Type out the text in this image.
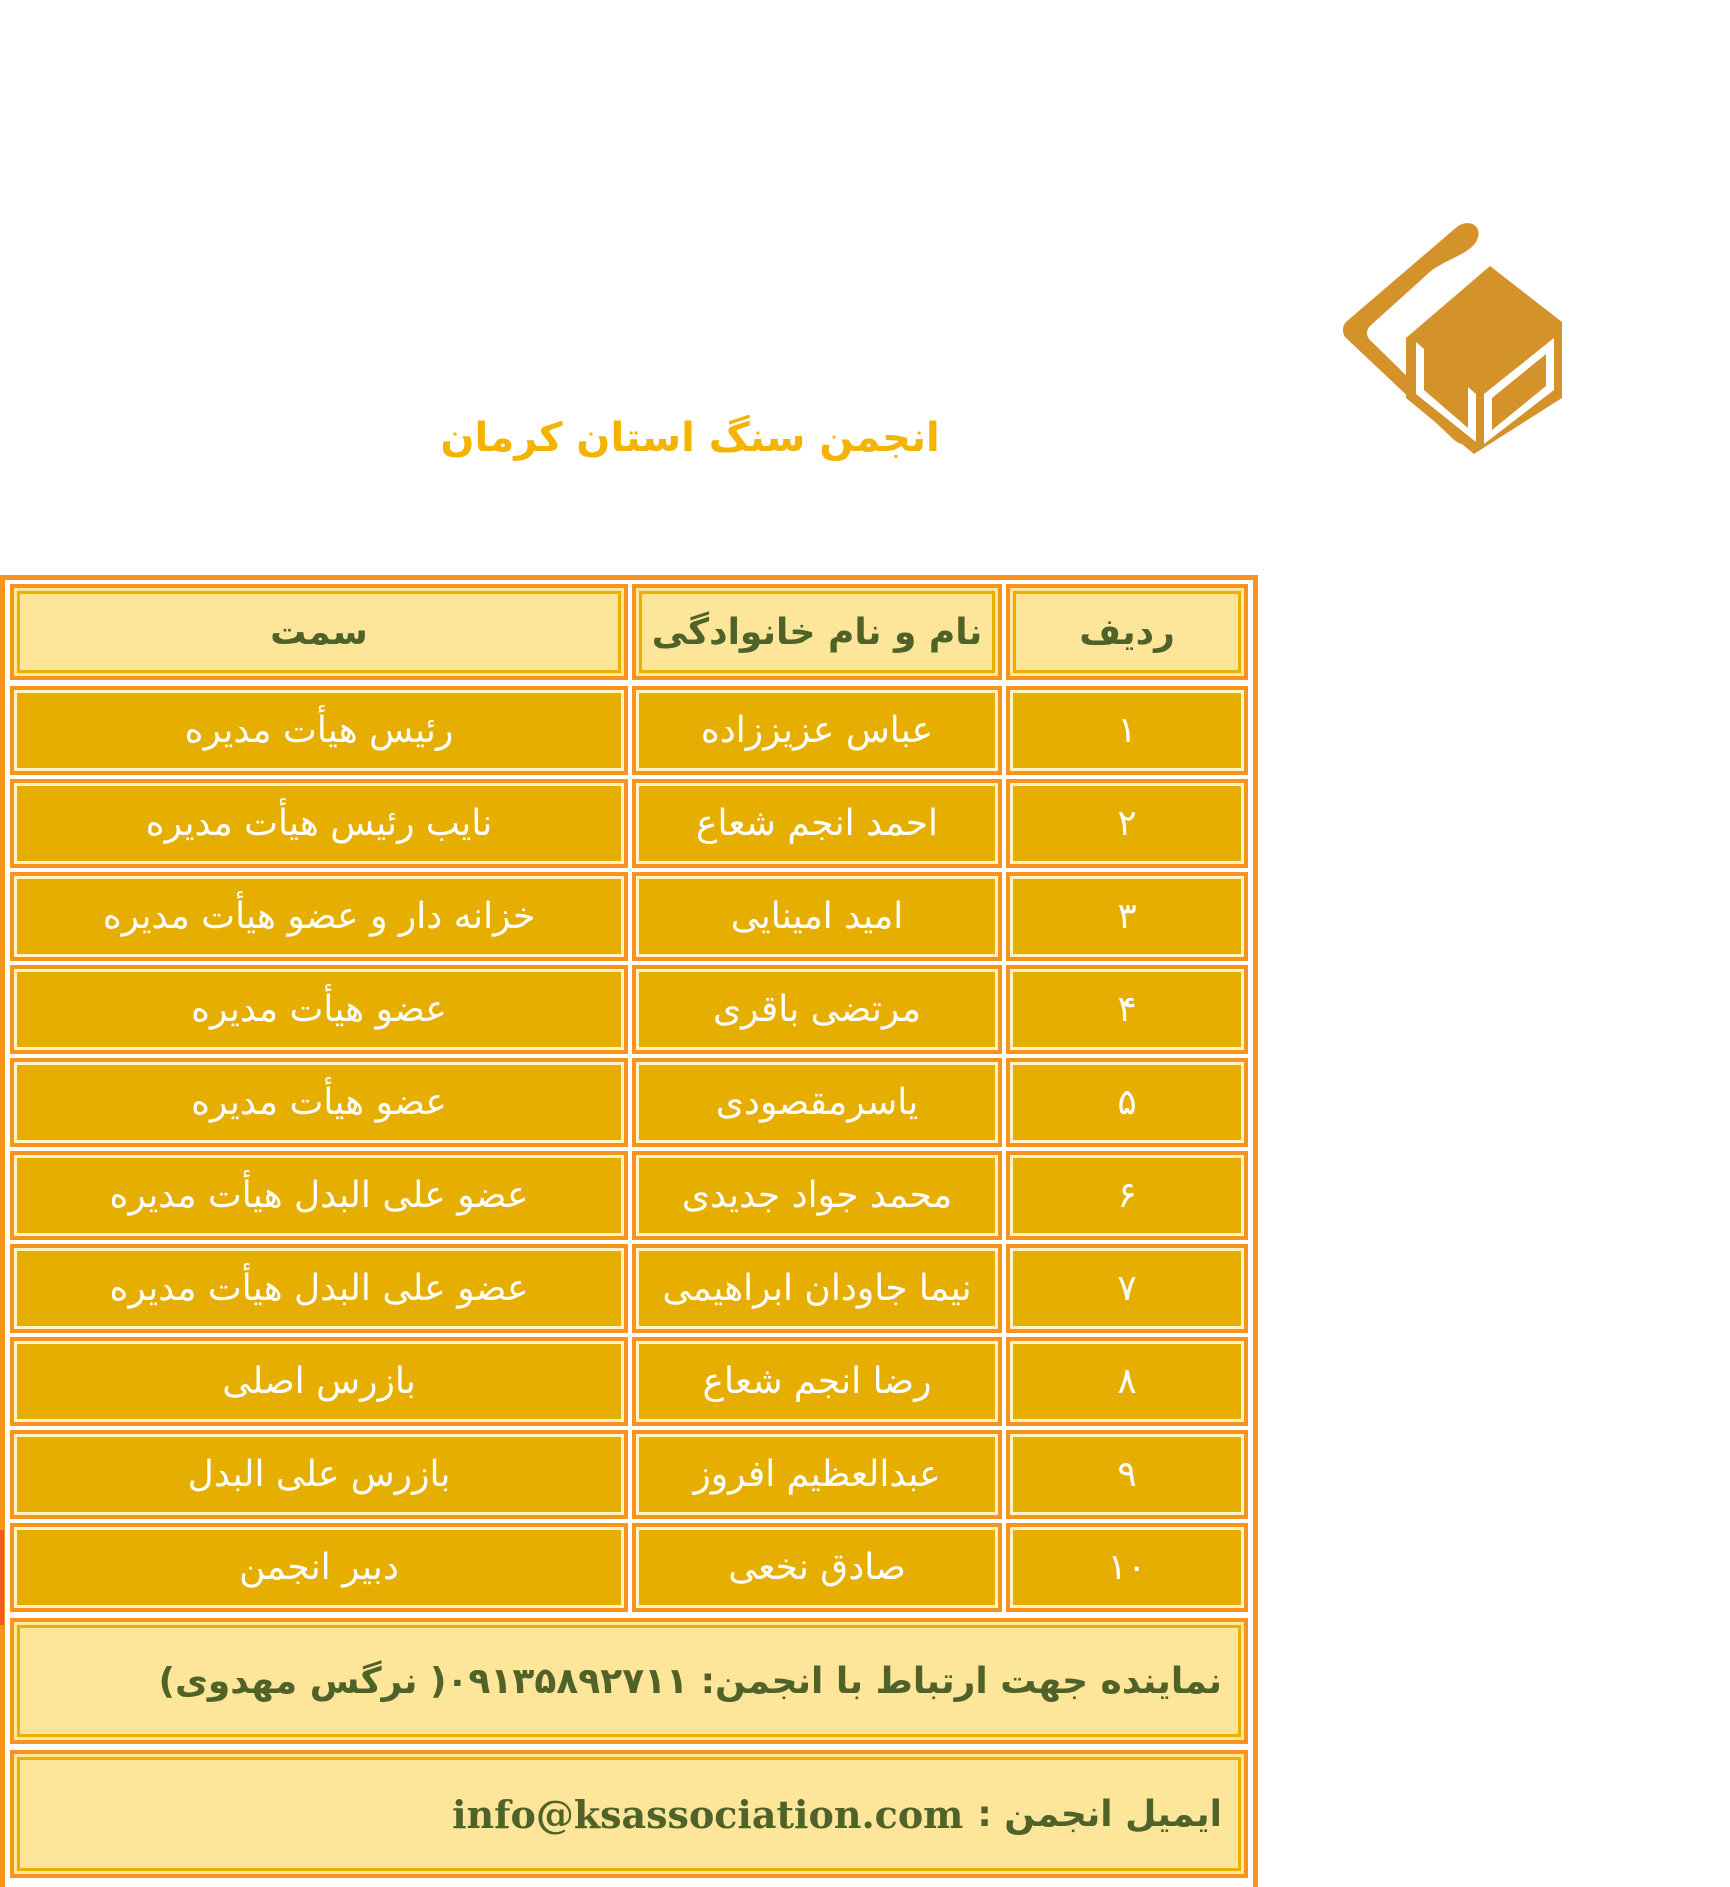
انجمن سنگ استان کرمان
ردیف
نام و نام خانوادگی
سمت
۱
عباس عزیززاده
رئیس هیأت مدیره
۲
احمد انجم شعاع
نایب رئیس هیأت مدیره
۳
امید امینایی
خزانه دار و عضو هیأت مدیره
۴
مرتضی باقری
عضو هیأت مدیره
۵
یاسرمقصودی
عضو هیأت مدیره
۶
محمد جواد جدیدی
عضو علی البدل هیأت مدیره
۷
نیما جاودان ابراهیمی
عضو علی البدل هیأت مدیره
۸
رضا انجم شعاع
بازرس اصلی
۹
عبدالعظیم افروز
بازرس علی البدل
۱۰
صادق نخعی
دبیر انجمن
نماینده جهت ارتباط با انجمن: ۰۹۱۳۵۸۹۲۷۱۱( نرگس مهدوی)
ایمیل انجمن :
info@ksassociation.com
